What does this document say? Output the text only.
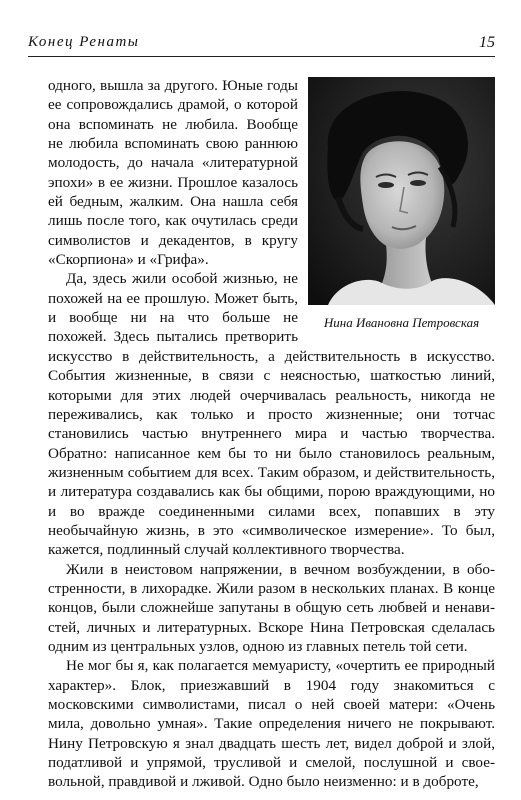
Конец Ренаты	15
Нина Ивановна Петровская

одного, вышла за другого. Юные годы ее сопровождались драмой, о которой она вспоминать не любила. Вообще не любила вспоминать свою раннюю молодость, до начала «литературной эпохи» в ее жизни. Прошлое казалось ей бедным, жалким. Она нашла себя лишь после того, как очутилась среди символистов и декадентов, в кругу «Скорпиона» и «Грифа».

Да, здесь жили особой жизнью, не похожей на ее прошлую. Может быть, и вообще ни на что больше не похожей. Здесь пытались претворить искусство в действительность, а действительность в искусство. События жизненные, в связи с неясностью, шаткостью линий, которыми для этих людей очерчивалась реальность, никогда не переживались, как только и просто жизненные; они тотчас становились частью внутреннего мира и частью творчества. Обратно: написанное кем бы то ни было становилось реальным, жизненным событием для всех. Таким образом, и действительность, и литература создавались как бы общими, порою враждующими, но и во вражде соединенными силами всех, попавших в эту необычайную жизнь, в это «символическое измерение». То был, кажется, подлинный случай коллективного творчества.

Жили в неистовом напряжении, в вечном возбуждении, в обостренности, в лихорадке. Жили разом в нескольких планах. В конце концов, были сложнейше запутаны в общую сеть любвей и ненавистей, личных и литературных. Вскоре Нина Петровская сделалась одним из центральных узлов, одною из главных петель той сети.

Не мог бы я, как полагается мемуаристу, «очертить ее природный характер». Блок, приезжавший в 1904 году знакомиться с московскими символистами, писал о ней своей матери: «Очень мила, довольно умная». Такие определения ничего не покрывают. Нину Петровскую я знал двадцать шесть лет, видел доброй и злой, податливой и упрямой, трусливой и смелой, послушной и своевольной, правдивой и лживой. Одно было неизменно: и в доброте,
